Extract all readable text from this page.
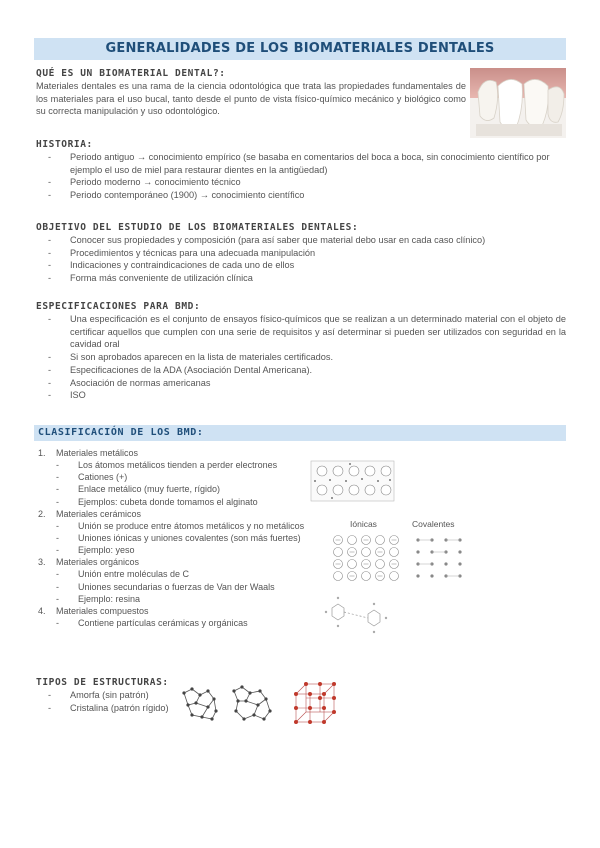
GENERALIDADES DE LOS BIOMATERIALES DENTALES
QUÉ ES UN BIOMATERIAL DENTAL?:

Materiales dentales es una rama de la ciencia odontológica que trata las propiedades fundamentales de los materiales para el uso bucal, tanto desde el punto de vista físico-químico mecánico y biológico como su correcta manipulación y uso odontológico.

HISTORIA:
- Periodo antiguo → conocimiento empírico (se basaba en comentarios del boca a boca, sin conocimiento científico por ejemplo el uso de miel para restaurar dientes en la antigüedad)
- Periodo moderno → conocimiento técnico
- Periodo contemporáneo (1900) → conocimiento científico
OBJETIVO DEL ESTUDIO DE LOS BIOMATERIALES DENTALES:
- Conocer sus propiedades y composición (para así saber que material debo usar en cada caso clínico)
- Procedimientos y técnicas para una adecuada manipulación
- Indicaciones y contraindicaciones de cada uno de ellos
- Forma más conveniente de utilización clínica
ESPECIFICACIONES PARA BMD:
- Una especificación es el conjunto de ensayos físico-químicos que se realizan a un determinado material con el objeto de certificar aquellos que cumplen con una serie de requisitos y así determinar si pueden ser utilizados con seguridad en la cavidad oral
- Si son aprobados aparecen en la lista de materiales certificados.
- Especificaciones de la ADA (Asociación Dental Americana).
- Asociación de normas americanas
- ISO
CLASIFICACIÓN DE LOS BMD:
1. Materiales metálicos
- Los átomos metálicos tienden a perder electrones
- Cationes (+)
- Enlace metálico (muy fuerte, rígido)
- Ejemplos: cubeta donde tomamos el alginato
2. Materiales cerámicos
- Unión se produce entre átomos metálicos y no metálicos
- Uniones iónicas y uniones covalentes (son más fuertes)
- Ejemplo: yeso
3. Materiales orgánicos
- Unión entre moléculas de C
- Uniones secundarias o fuerzas de Van der Waals
- Ejemplo: resina
4. Materiales compuestos
- Contiene partículas cerámicas y orgánicas
Iónicas	Covalentes
TIPOS DE ESTRUCTURAS:
- Amorfa (sin patrón)
- Cristalina (patrón rígido)
